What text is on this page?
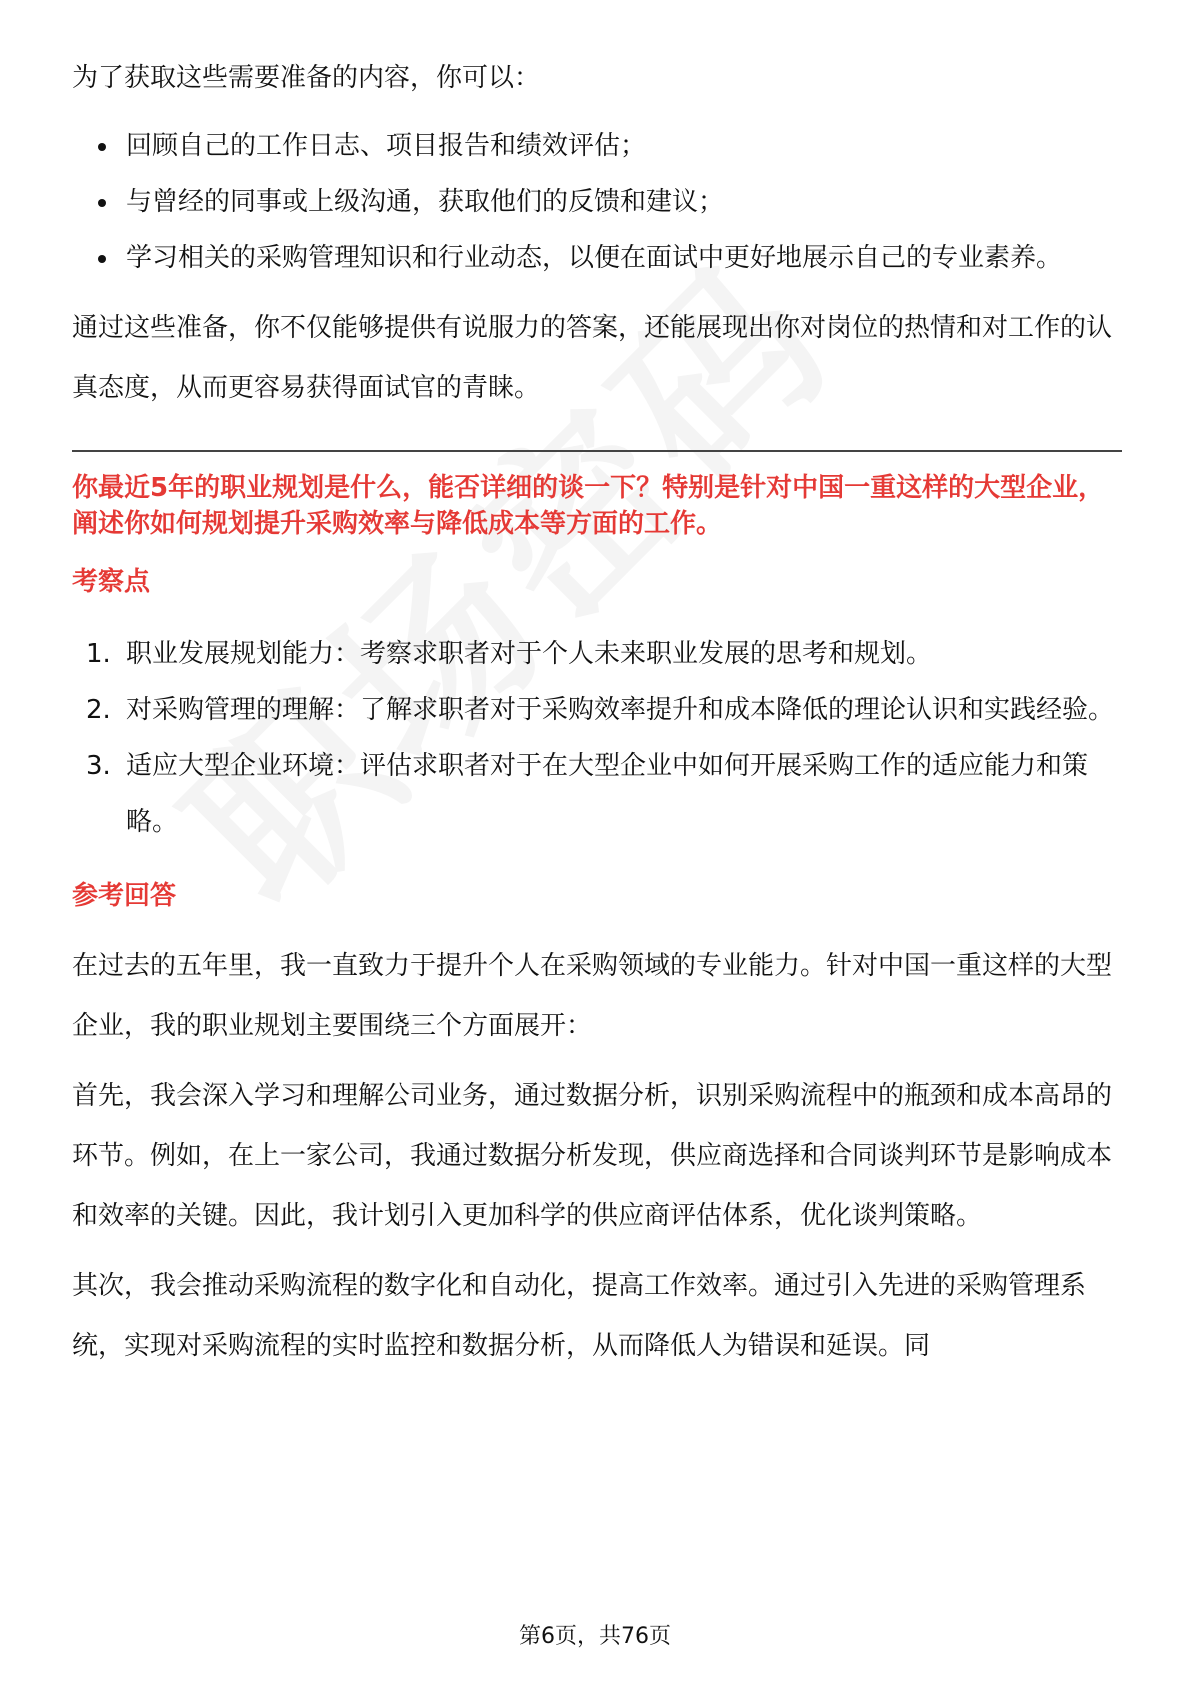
为了获取这些需要准备的内容，你可以：

回顾自己的工作日志、项目报告和绩效评估；
与曾经的同事或上级沟通，获取他们的反馈和建议；
学习相关的采购管理知识和行业动态，以便在面试中更好地展示自己的专业素养。

通过这些准备，你不仅能够提供有说服力的答案，还能展现出你对岗位的热情和对工作的认真态度，从而更容易获得面试官的青睐。

你最近5年的职业规划是什么，能否详细的谈一下？特别是针对中国一重这样的大型企业，阐述你如何规划提升采购效率与降低成本等方面的工作。
考察点
1. 职业发展规划能力：考察求职者对于个人未来职业发展的思考和规划。
2. 对采购管理的理解：了解求职者对于采购效率提升和成本降低的理论认识和实践经验。
3. 适应大型企业环境：评估求职者对于在大型企业中如何开展采购工作的适应能力和策略。
参考回答

在过去的五年里，我一直致力于提升个人在采购领域的专业能力。针对中国一重这样的大型企业，我的职业规划主要围绕三个方面展开：

首先，我会深入学习和理解公司业务，通过数据分析，识别采购流程中的瓶颈和成本高昂的环节。例如，在上一家公司，我通过数据分析发现，供应商选择和合同谈判环节是影响成本和效率的关键。因此，我计划引入更加科学的供应商评估体系，优化谈判策略。

其次，我会推动采购流程的数字化和自动化，提高工作效率。通过引入先进的采购管理系统，实现对采购流程的实时监控和数据分析，从而降低人为错误和延误。同

第6页，共76页
